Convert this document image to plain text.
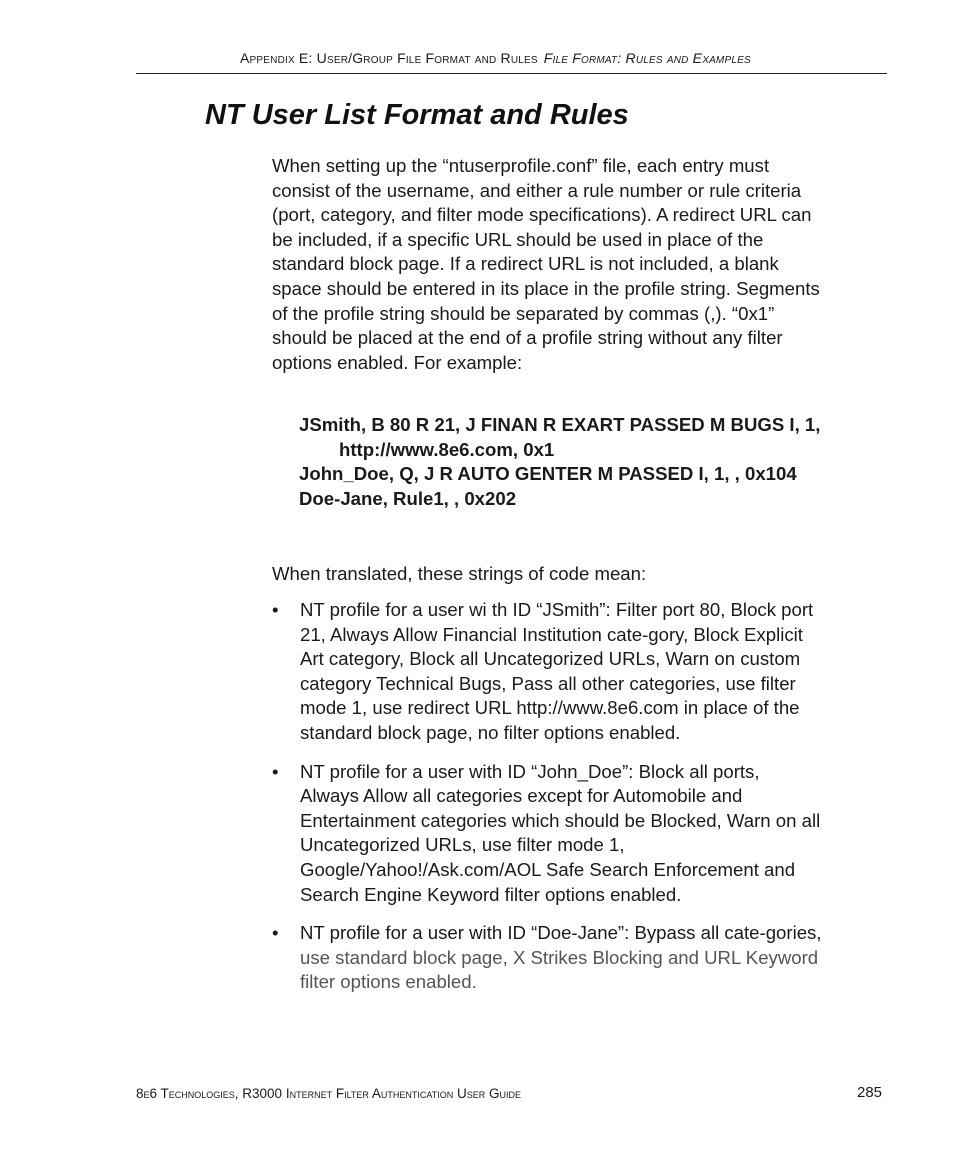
Appendix E: User/Group File Format and Rules File Format: Rules and Examples
NT User List Format and Rules

When setting up the “ntuserprofile.conf” file, each entry must consist of the username, and either a rule number or rule criteria (port, category, and filter mode specifications). A redirect URL can be included, if a specific URL should be used in place of the standard block page. If a redirect URL is not included, a blank space should be entered in its place in the profile string. Segments of the profile string should be separated by commas (,). “0x1” should be placed at the end of a profile string without any filter options enabled. For example:

JSmith, B 80 R 21, J FINAN R EXART PASSED M BUGS I, 1, http://www.8e6.com, 0x1
John_Doe, Q, J R AUTO GENTER M PASSED I, 1, , 0x104
Doe-Jane, Rule1, , 0x202

When translated, these strings of code mean:

• NT profile for a user wi th ID “JSmith”: Filter port 80, Block port 21, Always Allow Financial Institution cate-gory, Block Explicit Art category, Block all Uncategorized URLs, Warn on custom category Technical Bugs, Pass all other categories, use filter mode 1, use redirect URL http://www.8e6.com in place of the standard block page, no filter options enabled.
• NT profile for a user with ID “John_Doe”: Block all ports, Always Allow all categories except for Automobile and Entertainment categories which should be Blocked, Warn on all Uncategorized URLs, use filter mode 1, Google/Yahoo!/Ask.com/AOL Safe Search Enforcement and Search Engine Keyword filter options enabled.
• NT profile for a user with ID “Doe-Jane”: Bypass all cate-gories, use standard block page, X Strikes Blocking and URL Keyword filter options enabled.
8e6 Technologies, R3000 Internet Filter Authentication User Guide	285
